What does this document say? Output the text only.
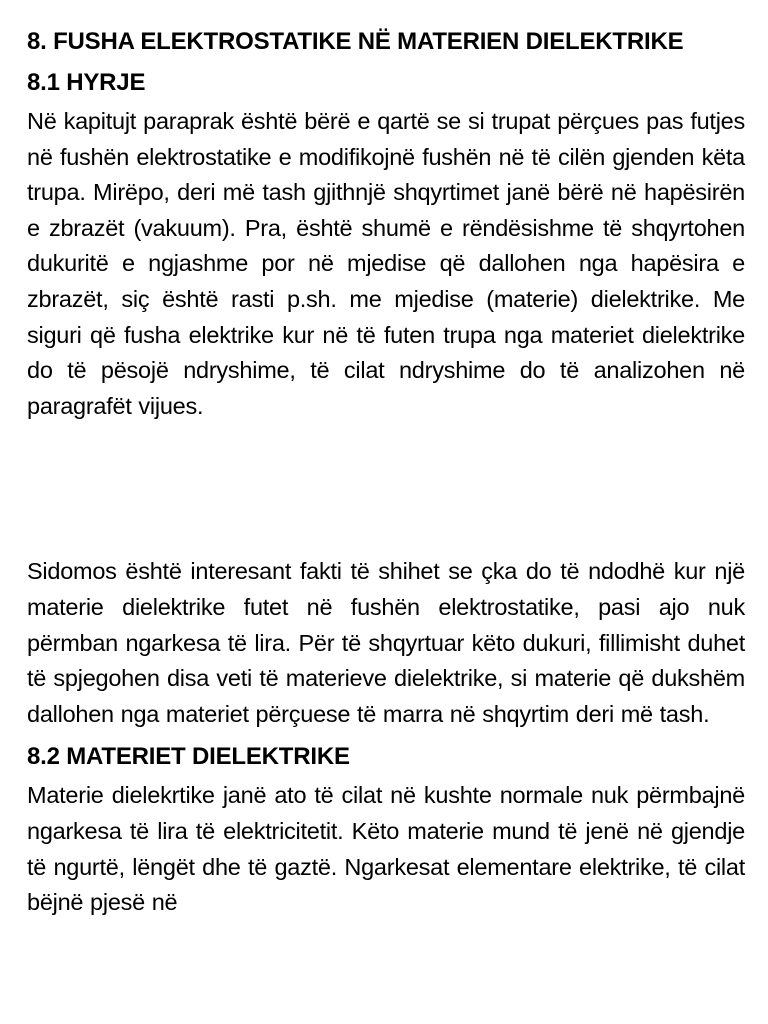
8. FUSHA ELEKTROSTATIKE NË MATERIEN DIELEKTRIKE
8.1 HYRJE

Në kapitujt paraprak është bërë e qartë se si trupat përçues pas futjes në fushën elektrostatike e modifikojnë fushën në të cilën gjenden këta trupa. Mirëpo, deri më tash gjithnjë shqyrtimet janë bërë në hapësirën e zbrazët (vakuum). Pra, është shumë e rëndësishme të shqyrtohen dukuritë e ngjashme por në mjedise që dallohen nga hapësira e zbrazët, siç është rasti p.sh. me mjedise (materie) dielektrike. Me siguri që fusha elektrike kur në të futen trupa nga materiet dielektrike do të pësojë ndryshime, të cilat ndryshime do të analizohen në paragrafët vijues.

Sidomos është interesant fakti të shihet se çka do të ndodhë kur një materie dielektrike futet në fushën elektrostatike, pasi ajo nuk përmban ngarkesa të lira. Për të shqyrtuar këto dukuri, fillimisht duhet të spjegohen disa veti të materieve dielektrike, si materie që dukshëm dallohen nga materiet përçuese të marra në shqyrtim deri më tash.

8.2 MATERIET DIELEKTRIKE

Materie dielekrtike janë ato të cilat në kushte normale nuk përmbajnë ngarkesa të lira të elektricitetit. Këto materie mund të jenë në gjendje të ngurtë, lëngët dhe të gaztë. Ngarkesat elementare elektrike, të cilat bëjnë pjesë në
